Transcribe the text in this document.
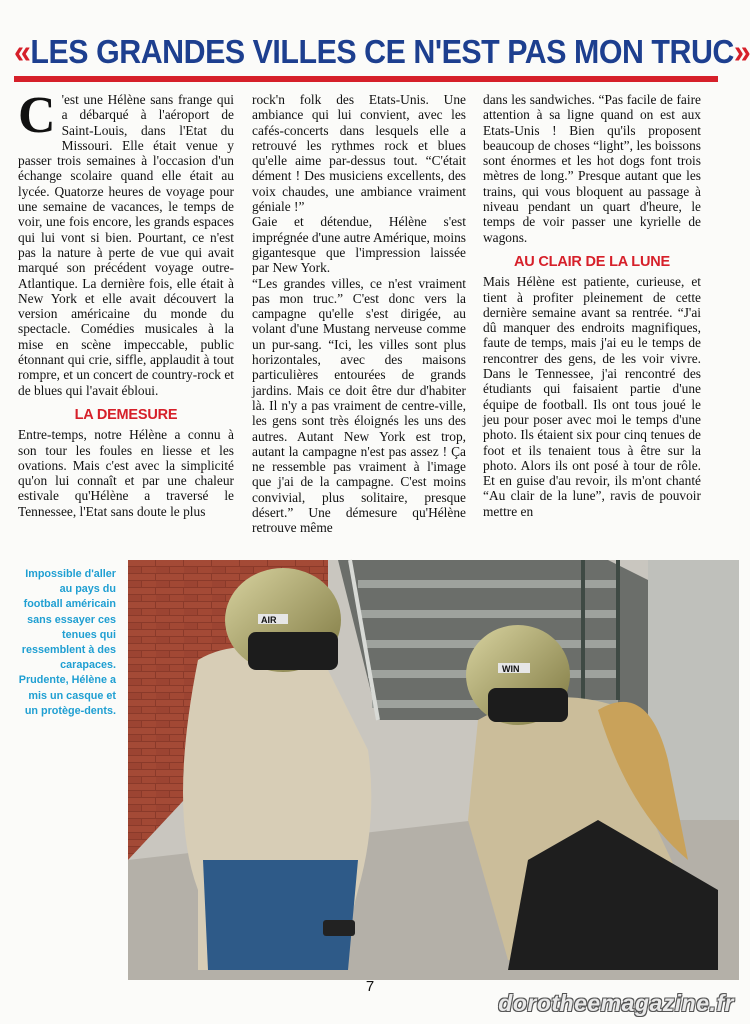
«LES GRANDES VILLES CE N'EST PAS MON TRUC»

C 'est une Hélène sans frange qui a débarqué à l'aéroport de Saint-Louis, dans l'Etat du Missouri. Elle était venue y passer trois semaines à l'occasion d'un échange scolaire quand elle était au lycée. Quatorze heures de voyage pour une semaine de vacances, le temps de voir, une fois encore, les grands espaces qui lui vont si bien. Pourtant, ce n'est pas la nature à perte de vue qui avait marqué son précédent voyage outre-Atlantique. La dernière fois, elle était à New York et elle avait découvert la version américaine du monde du spectacle. Comédies musicales à la mise en scène impeccable, public étonnant qui crie, siffle, applaudit à tout rompre, et un concert de country-rock et de blues qui l'avait ébloui.

LA DEMESURE

Entre-temps, notre Hélène a connu à son tour les foules en liesse et les ovations. Mais c'est avec la simplicité qu'on lui connaît et par une chaleur estivale qu'Hélène a traversé le Tennessee, l'Etat sans doute le plus

rock'n folk des Etats-Unis. Une ambiance qui lui convient, avec les cafés-concerts dans lesquels elle a retrouvé les rythmes rock et blues qu'elle aime par-dessus tout. “C'était dément ! Des musiciens excellents, des voix chaudes, une ambiance vraiment géniale !”

Gaie et détendue, Hélène s'est imprégnée d'une autre Amérique, moins gigantesque que l'impression laissée par New York.

“Les grandes villes, ce n'est vraiment pas mon truc.” C'est donc vers la campagne qu'elle s'est dirigée, au volant d'une Mustang nerveuse comme un pur-sang. “Ici, les villes sont plus horizontales, avec des maisons particulières entourées de grands jardins. Mais ce doit être dur d'habiter là. Il n'y a pas vraiment de centre-ville, les gens sont très éloignés les uns des autres. Autant New York est trop, autant la campagne n'est pas assez ! Ça ne ressemble pas vraiment à l'image que j'ai de la campagne. C'est moins convivial, plus solitaire, presque désert.” Une démesure qu'Hélène retrouve même

dans les sandwiches. “Pas facile de faire attention à sa ligne quand on est aux Etats-Unis ! Bien qu'ils proposent beaucoup de choses “light”, les boissons sont énormes et les hot dogs font trois mètres de long.” Presque autant que les trains, qui vous bloquent au passage à niveau pendant un quart d'heure, le temps de voir passer une kyrielle de wagons.

AU CLAIR DE LA LUNE

Mais Hélène est patiente, curieuse, et tient à profiter pleinement de cette dernière semaine avant sa rentrée. “J'ai dû manquer des endroits magnifiques, faute de temps, mais j'ai eu le temps de rencontrer des gens, de les voir vivre. Dans le Tennessee, j'ai rencontré des étudiants qui faisaient partie d'une équipe de football. Ils ont tous joué le jeu pour poser avec moi le temps d'une photo. Ils étaient six pour cinq tenues de foot et ils tenaient tous à être sur la photo. Alors ils ont posé à tour de rôle. Et en guise d'au revoir, ils m'ont chanté “Au clair de la lune”, ravis de pouvoir mettre en

Impossible d'aller au pays du football américain sans essayer ces tenues qui ressemblent à des carapaces. Prudente, Hélène a mis un casque et un protège-dents.
AIR
WIN
7
dorotheemagazine.fr
